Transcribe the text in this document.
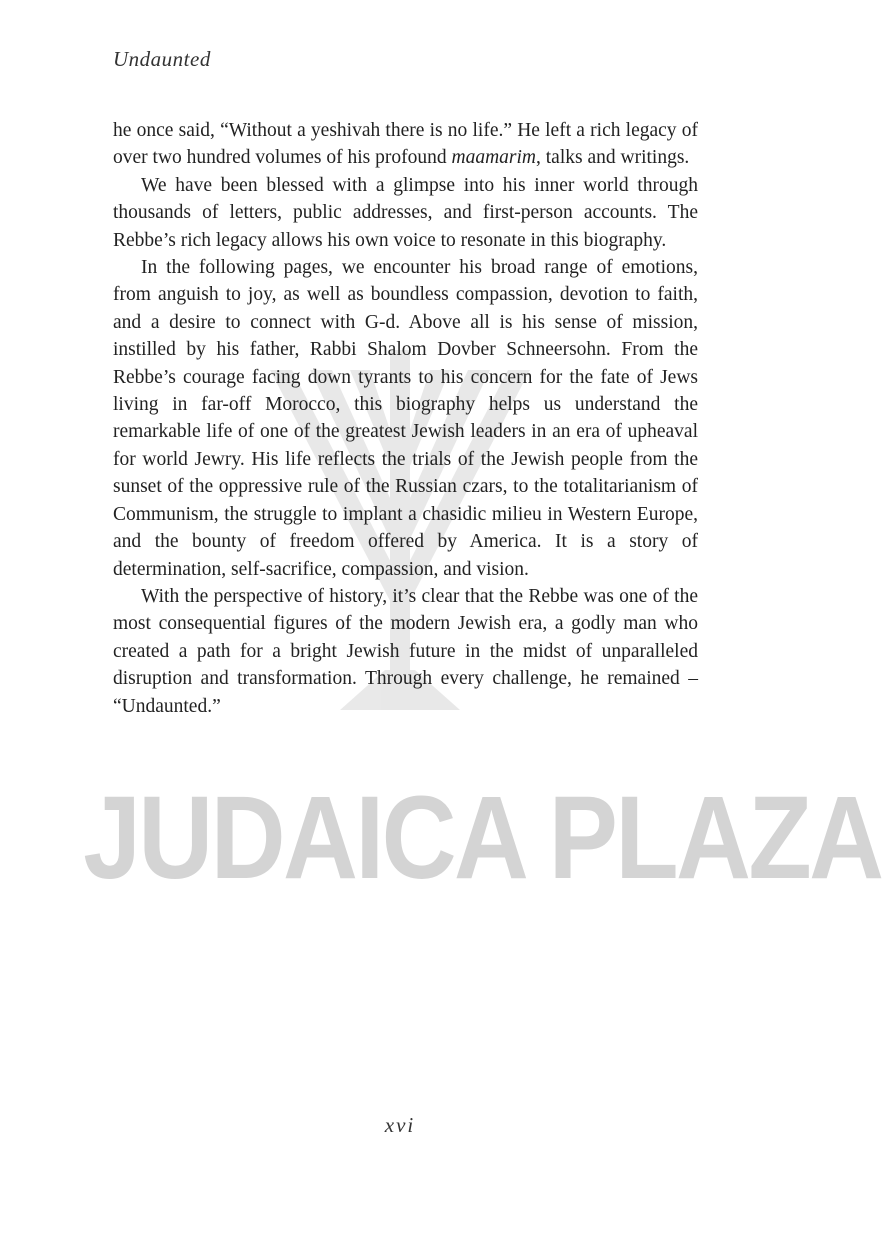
Undaunted
JUDAICA PLAZA

he once said, “Without a yeshivah there is no life.” He left a rich legacy of over two hundred volumes of his profound maamarim, talks and writings.

We have been blessed with a glimpse into his inner world through thousands of letters, public addresses, and first-person accounts. The Rebbe’s rich legacy allows his own voice to resonate in this biography.

In the following pages, we encounter his broad range of emotions, from anguish to joy, as well as boundless compassion, devotion to faith, and a desire to connect with G-d. Above all is his sense of mission, instilled by his father, Rabbi Shalom Dovber Schneersohn. From the Rebbe’s courage facing down tyrants to his concern for the fate of Jews living in far-off Morocco, this biography helps us understand the remarkable life of one of the greatest Jewish leaders in an era of upheaval for world Jewry. His life reflects the trials of the Jewish people from the sunset of the oppressive rule of the Russian czars, to the totalitarianism of Communism, the struggle to implant a chasidic milieu in Western Europe, and the bounty of freedom offered by America. It is a story of determination, self-sacrifice, compassion, and vision.

With the perspective of history, it’s clear that the Rebbe was one of the most consequential figures of the modern Jewish era, a godly man who created a path for a bright Jewish future in the midst of unparalleled disruption and transformation. Through every challenge, he remained – “Undaunted.”

xvi
